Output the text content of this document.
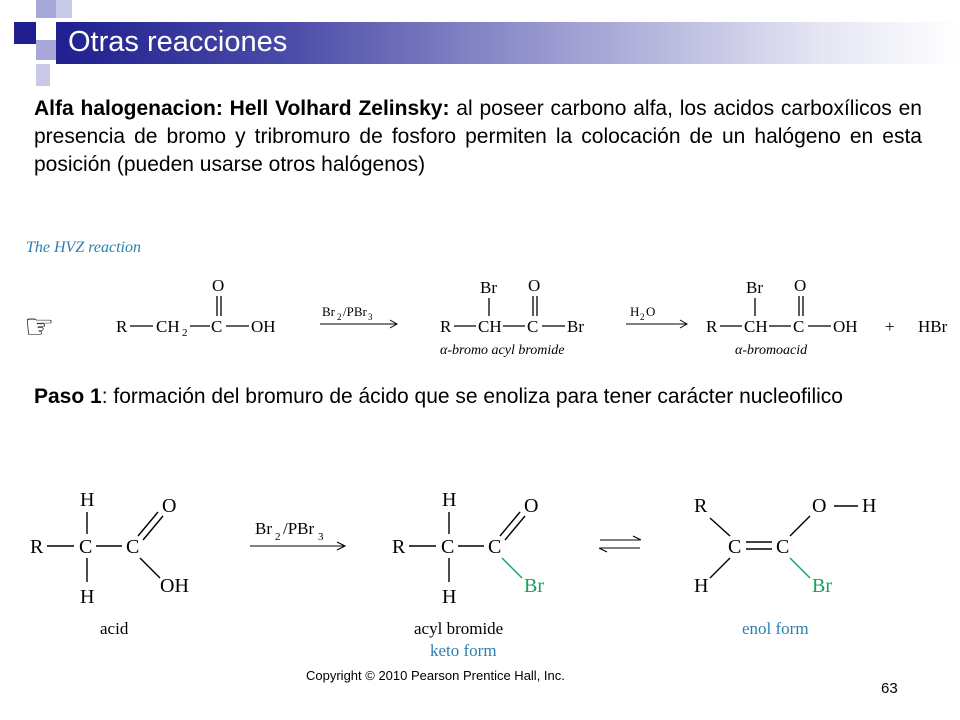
Otras reacciones
Alfa halogenacion: Hell Volhard Zelinsky: al poseer carbono alfa, los acidos carboxílicos en presencia de bromo y tribromuro de fosforo permiten la colocación de un halógeno en esta posición (pueden usarse otros halógenos)
The HVZ reaction
☞	R CH 2 C
O
OH
Br 2 /PBr 3	R CH
Br
C
O
Br
α-bromo acyl bromide
H 2 O
R CH
Br
C
O
OH
α-bromoacid
+ HBr
Paso 1: formación del bromuro de ácido que se enoliza para tener carácter nucleofilico
H
R C C
H
O
OH
acid
Br 2 /PBr 3
H
R C C
H
O
Br
acyl bromide
keto form
R
C C
H
O H
Br
enol form
Copyright © 2010 Pearson Prentice Hall, Inc.
63
